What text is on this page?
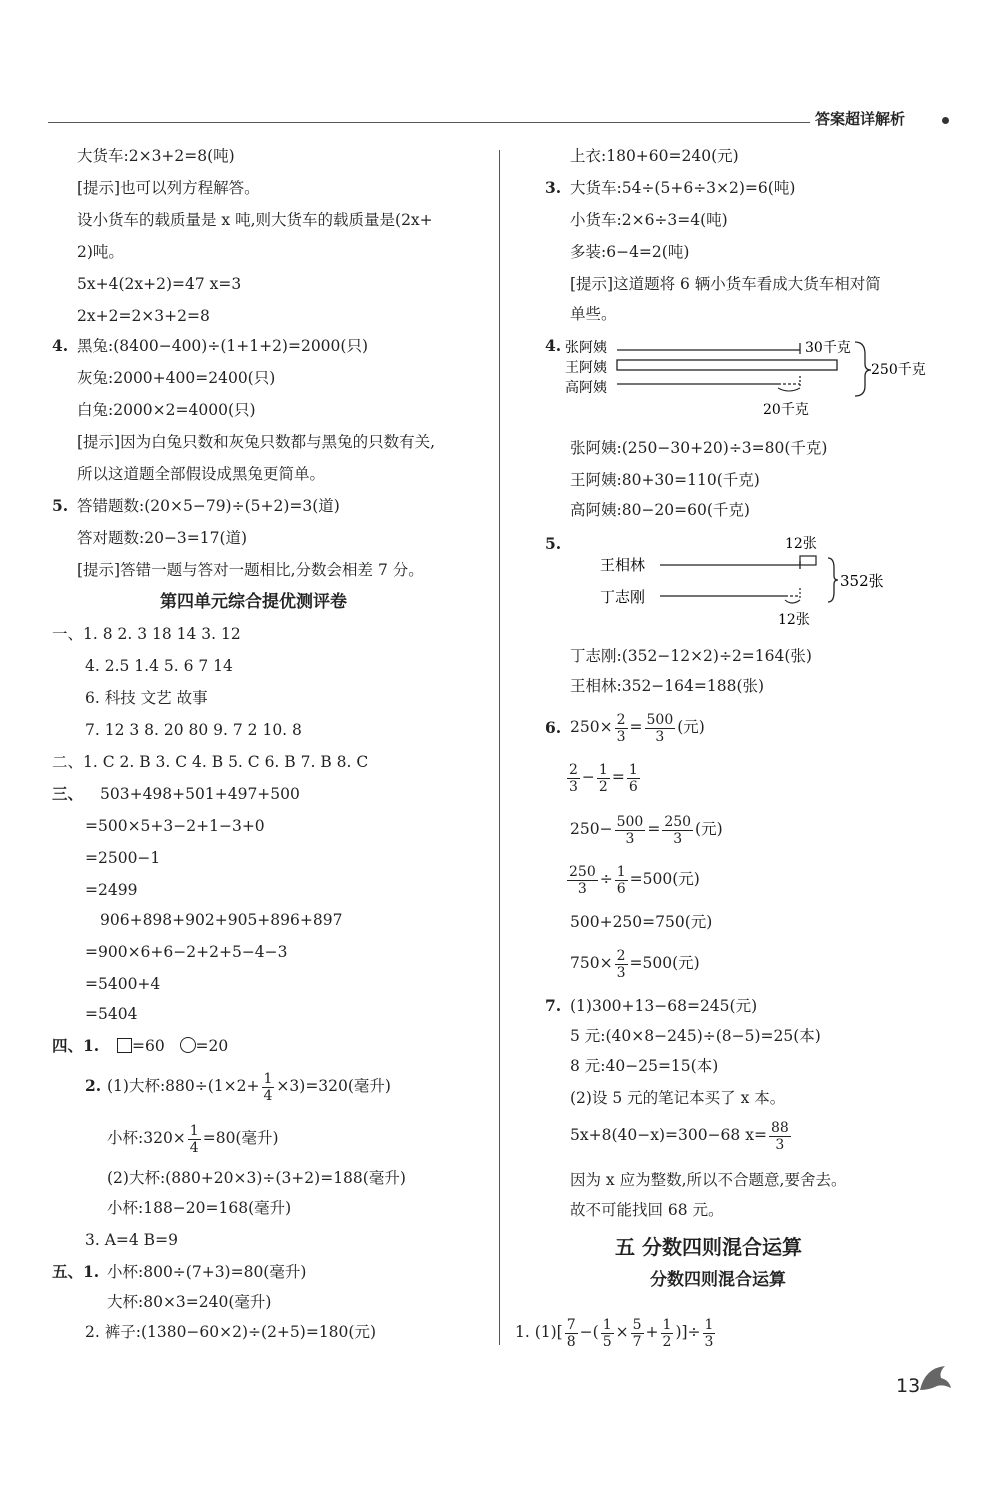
答案超详解析
大货车:2×3+2=8(吨)
[提示]也可以列方程解答。
设小货车的载质量是 x 吨,则大货车的载质量是(2x+
2)吨。
5x+4(2x+2)=47 x=3
2x+2=2×3+2=8
4. 黑兔:(8400−400)÷(1+1+2)=2000(只)
灰兔:2000+400=2400(只)
白兔:2000×2=4000(只)
[提示]因为白兔只数和灰兔只数都与黑兔的只数有关,
所以这道题全部假设成黑兔更简单。
5. 答错题数:(20×5−79)÷(5+2)=3(道)
答对题数:20−3=17(道)
[提示]答错一题与答对一题相比,分数会相差 7 分。
第四单元综合提优测评卷
一、1. 8 2. 3 18 14 3. 12
4. 2.5 1.4 5. 6 7 14
6. 科技 文艺 故事
7. 12 3 8. 20 80 9. 7 2 10. 8
二、1. C 2. B 3. C 4. B 5. C 6. B 7. B 8. C
三、 503+498+501+497+500
=500×5+3−2+1−3+0
=2500−1
=2499
906+898+902+905+896+897
=900×6+6−2+2+5−4−3
=5400+4
=5404
四、1.	=60 =20
2. (1)大杯:880÷(1×2+ $\frac{1}{4} \times 3)=320$(毫升)
小杯:320× $\frac{1}{4} =80$(毫升)
(2)大杯:(880+20×3)÷(3+2)=188(毫升)
小杯:188−20=168(毫升)
3. A=4 B=9
五、1. 小杯:800÷(7+3)=80(毫升)
大杯:80×3=240(毫升)
2. 裤子:(1380−60×2)÷(2+5)=180(元)
上衣:180+60=240(元)
3. 大货车:54÷(5+6÷3×2)=6(吨)
小货车:2×6÷3=4(吨)
多装:6−4=2(吨)
[提示]这道题将 6 辆小货车看成大货车相对简
单些。
4. 张阿姨
王阿姨
高阿姨
30千克
20千克
250千克
张阿姨:(250−30+20)÷3=80(千克)
王阿姨:80+30=110(千克)
高阿姨:80−20=60(千克)
5.	12张
王相林
丁志刚
12张
352张
丁志刚:(352−12×2)÷2=164(张)
王相林:352−164=188(张)
6. $250\times \frac{2}{3} = \frac{500}{3}$ (元)
$\frac{2}{3} - \frac{1}{2} = \frac{1}{6}$
$250- \frac{500}{3} = \frac{250}{3}$ (元)
$\frac{250}{3} \div \frac{1}{6} =500$(元)
500+250=750(元)
$750\times \frac{2}{3} =500$(元)
7. (1)300+13−68=245(元)
5 元:(40×8−245)÷(8−5)=25(本)
8 元:40−25=15(本)
(2)设 5 元的笔记本买了 x 本。
5x+8(40−x)=300−68 $x= \frac{88}{3}$
因为 x 应为整数,所以不合题意,要舍去。
故不可能找回 68 元。
五 分数四则混合运算
分数四则混合运算
1. $(1)[ \frac{7}{8}$ −( $\frac{1}{5} \times \frac{5}{7} + \frac{1}{2}$ )]÷ $\frac{1}{3}$
13
